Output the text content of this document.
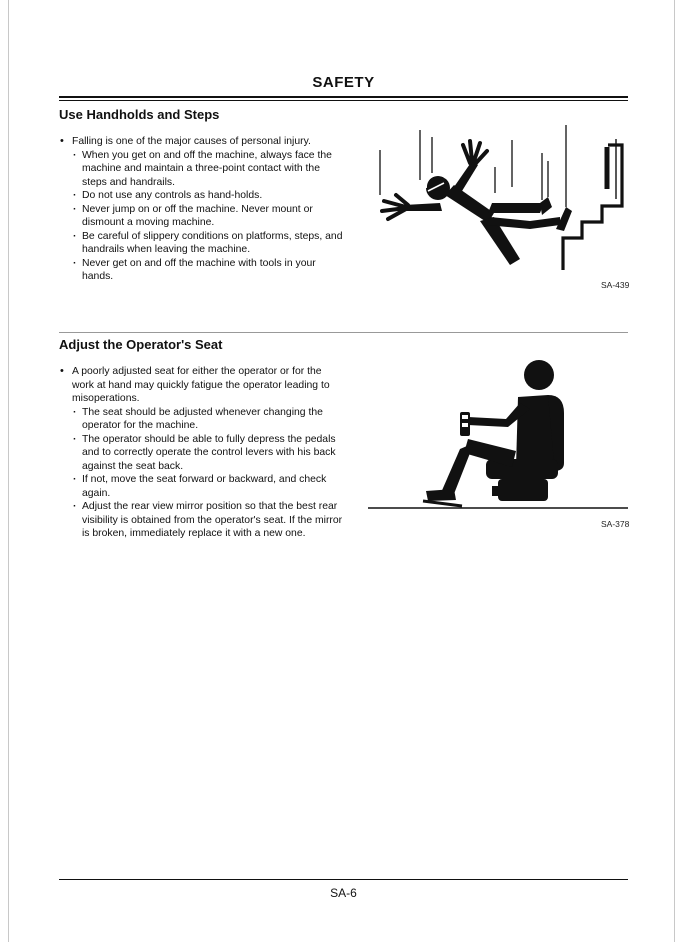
SAFETY
Use Handholds and Steps

• Falling is one of the major causes of personal injury.

· When you get on and off the machine, always face the
machine and maintain a three-point contact with the
steps and handrails.

· Do not use any controls as hand-holds.

· Never jump on or off the machine. Never mount or
dismount a moving machine.

· Be careful of slippery conditions on platforms, steps, and
handrails when leaving the machine.

· Never get on and off the machine with tools in your
hands.

SA-439
Adjust the Operator's Seat

• A poorly adjusted seat for either the operator or for the
work at hand may quickly fatigue the operator leading to
misoperations.

· The seat should be adjusted whenever changing the
operator for the machine.

· The operator should be able to fully depress the pedals
and to correctly operate the control levers with his back
against the seat back.

· If not, move the seat forward or backward, and check
again.

· Adjust the rear view mirror position so that the best rear
visibility is obtained from the operator's seat. If the mirror
is broken, immediately replace it with a new one.

SA-378
SA-6
